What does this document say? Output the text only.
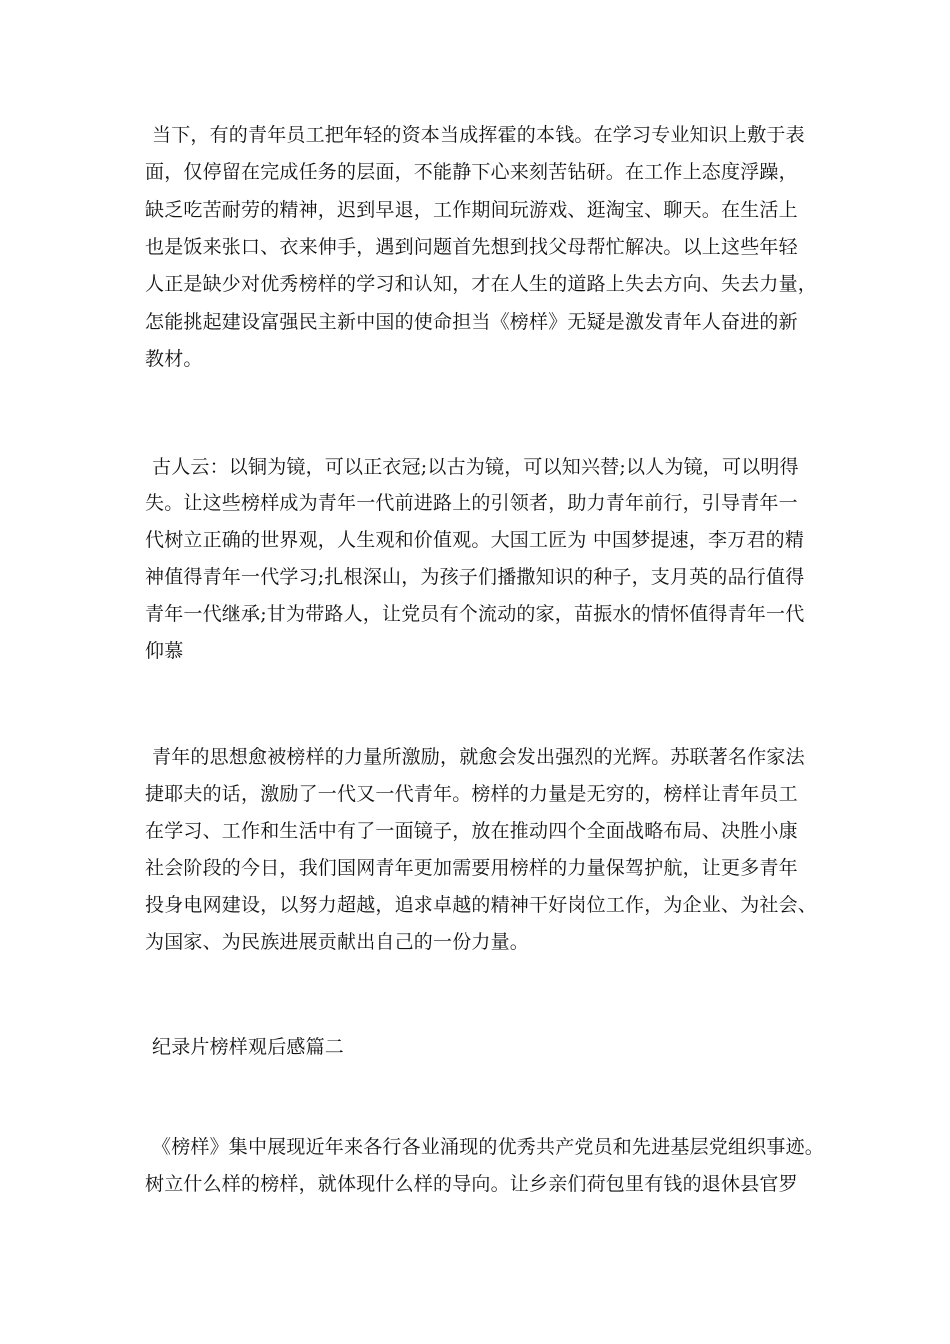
当下，有的青年员工把年轻的资本当成挥霍的本钱。在学习专业知识上敷于表
面，仅停留在完成任务的层面，不能静下心来刻苦钻研。在工作上态度浮躁，
缺乏吃苦耐劳的精神，迟到早退，工作期间玩游戏、逛淘宝、聊天。在生活上
也是饭来张口、衣来伸手，遇到问题首先想到找父母帮忙解决。以上这些年轻
人正是缺少对优秀榜样的学习和认知，才在人生的道路上失去方向、失去力量，
怎能挑起建设富强民主新中国的使命担当《榜样》无疑是激发青年人奋进的新
教材。
古人云：以铜为镜，可以正衣冠;以古为镜，可以知兴替;以人为镜，可以明得
失。让这些榜样成为青年一代前进路上的引领者，助力青年前行，引导青年一
代树立正确的世界观，人生观和价值观。大国工匠为 中国梦提速，李万君的精
神值得青年一代学习;扎根深山，为孩子们播撒知识的种子，支月英的品行值得
青年一代继承;甘为带路人，让党员有个流动的家，苗振水的情怀值得青年一代
仰慕
青年的思想愈被榜样的力量所激励，就愈会发出强烈的光辉。苏联著名作家法
捷耶夫的话，激励了一代又一代青年。榜样的力量是无穷的，榜样让青年员工
在学习、工作和生活中有了一面镜子，放在推动四个全面战略布局、决胜小康
社会阶段的今日，我们国网青年更加需要用榜样的力量保驾护航，让更多青年
投身电网建设，以努力超越，追求卓越的精神干好岗位工作，为企业、为社会、
为国家、为民族进展贡献出自己的一份力量。
纪录片榜样观后感篇二
《榜样》集中展现近年来各行各业涌现的优秀共产党员和先进基层党组织事迹。
树立什么样的榜样，就体现什么样的导向。让乡亲们荷包里有钱的退休县官罗
